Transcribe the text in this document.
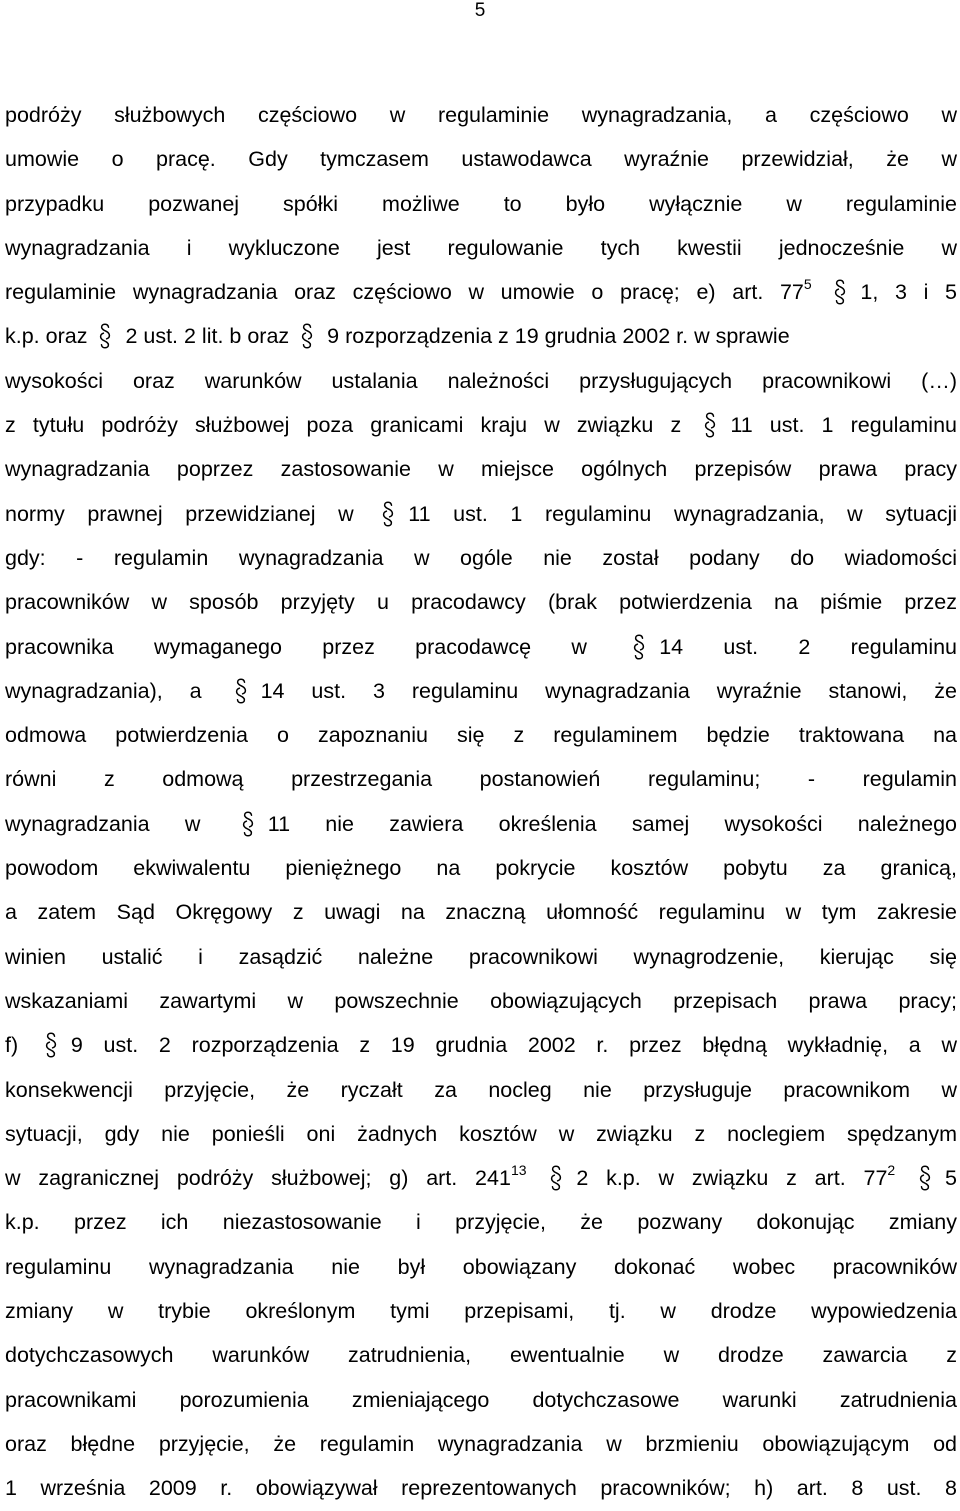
5
podróży służbowych częściowo w regulaminie wynagradzania, a częściowo w
umowie o pracę. Gdy tymczasem ustawodawca wyraźnie przewidział, że w
przypadku pozwanej spółki możliwe to było wyłącznie w regulaminie
wynagradzania i wykluczone jest regulowanie tych kwestii jednocześnie w
regulaminie wynagradzania oraz częściowo w umowie o pracę; e) art. $77^5$ 1, 3 i 5
k.p. oraz 2 ust. 2 lit. b oraz 9 rozporządzenia z 19 grudnia 2002 r. w sprawie
wysokości oraz warunków ustalania należności przysługujących pracownikowi (…)
z tytułu podróży służbowej poza granicami kraju w związku z 11 ust. 1 regulaminu
wynagradzania poprzez zastosowanie w miejsce ogólnych przepisów prawa pracy
normy prawnej przewidzianej w	11 ust. 1 regulaminu wynagradzania, w sytuacji
gdy: - regulamin wynagradzania w ogóle nie został podany do wiadomości
pracowników w sposób przyjęty u pracodawcy (brak potwierdzenia na piśmie przez
pracownika wymaganego przez pracodawcę w	14 ust. 2 regulaminu
wynagradzania), a	14 ust. 3 regulaminu wynagradzania wyraźnie stanowi, że
odmowa potwierdzenia o zapoznaniu się z regulaminem będzie traktowana na
równi z odmową przestrzegania postanowień regulaminu; - regulamin
wynagradzania w	11 nie zawiera określenia samej wysokości należnego
powodom ekwiwalentu pieniężnego na pokrycie kosztów pobytu za granicą,
a zatem Sąd Okręgowy z uwagi na znaczną ułomność regulaminu w tym zakresie
winien ustalić i zasądzić należne pracownikowi wynagrodzenie, kierując się
wskazaniami zawartymi w powszechnie obowiązujących przepisach prawa pracy;
f) 9 ust. 2 rozporządzenia z 19 grudnia 2002 r. przez błędną wykładnię, a w
konsekwencji przyjęcie, że ryczałt za nocleg nie przysługuje pracownikom w
sytuacji, gdy nie ponieśli oni żadnych kosztów w związku z noclegiem spędzanym
w zagranicznej podróży służbowej; g) art. $241^{13}$ 2 k.p. w związku z art. $77^2$ 5
k.p. przez ich niezastosowanie i przyjęcie, że pozwany dokonując zmiany
regulaminu wynagradzania nie był obowiązany dokonać wobec pracowników
zmiany w trybie określonym tymi przepisami, tj. w drodze wypowiedzenia
dotychczasowych warunków zatrudnienia, ewentualnie w drodze zawarcia z
pracownikami porozumienia zmieniającego dotychczasowe warunki zatrudnienia
oraz błędne przyjęcie, że regulamin wynagradzania w brzmieniu obowiązującym od
1 września 2009 r. obowiązywał reprezentowanych pracowników; h) art. 8 ust. 8
